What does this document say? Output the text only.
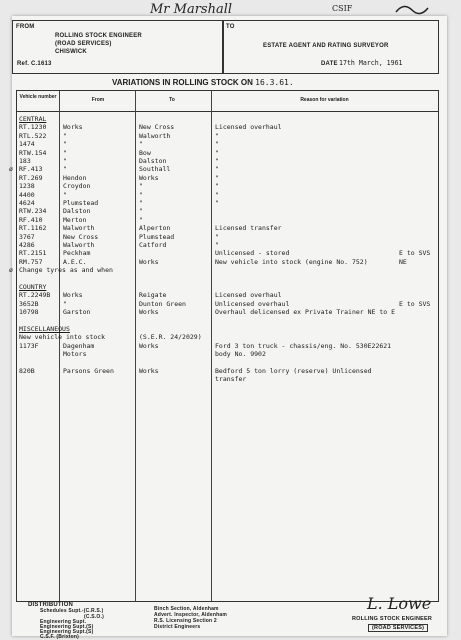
Mr Marshall	CSIF
FROM
ROLLING STOCK ENGINEER
(ROAD SERVICES)
CHISWICK
Ref. C.1613
TO
ESTATE AGENT AND RATING SURVEYOR
DATE 17th March, 1961
VARIATIONS IN ROLLING STOCK ON 16.3.61.
Vehicle number	From	To	Reason for variation
CENTRAL
RT.1230	Works	New Cross	Licensed overhaul
RTL.522	"	Walworth	"
1474	"	"	"
RTW.154	"	Bow	"
183	"	Dalston	"
RF.413	"	Southall	"
ø
RT.269	Hendon	Works	"
1238	Croydon	"	"
4400	"	"	"
4624	Plumstead	"	"
RTW.234	Dalston	"
RF.410	Merton	"
RT.1162	Walworth	Alperton	Licensed transfer
3767	New Cross	Plumstead	"
4286	Walworth	Catford	"
RT.2151	Peckham	Unlicensed - stored	E to SVS
RM.757	A.E.C.	Works	New vehicle into stock (engine No. 752)	NE
Change tyres as and when
ø
COUNTRY
RT.2249B Works	Reigate	Licensed overhaul
3652B	"	Dunton Green	Unlicensed overhaul	E to SVS
10798	Garston	Works	Overhaul delicensed ex Private Trainer NE to E
MISCELLANEOUS
New vehicle into stock	(S.E.R. 24/2029)
1173F	Dagenham	Works	Ford 3 ton truck - chassis/eng. No. 530E22621
Motors	body No. 9902
820B	Parsons Green	Works	Bedford 5 ton lorry (reserve) Unlicensed
transfer
DISTRIBUTION
Schedules Supt.-(C.R.S.)
(C.S.O.)
Engineering Supt.
Engineering Supt.(S)
Engineering Supt.(S)
C.S.F. (Brixton)
Binch Section, Aldenham
Advert. Inspector, Aldenham
R.S. Licensing Section 2
District Engineers
L. Lowe
ROLLING STOCK ENGINEER
(ROAD SERVICES)
